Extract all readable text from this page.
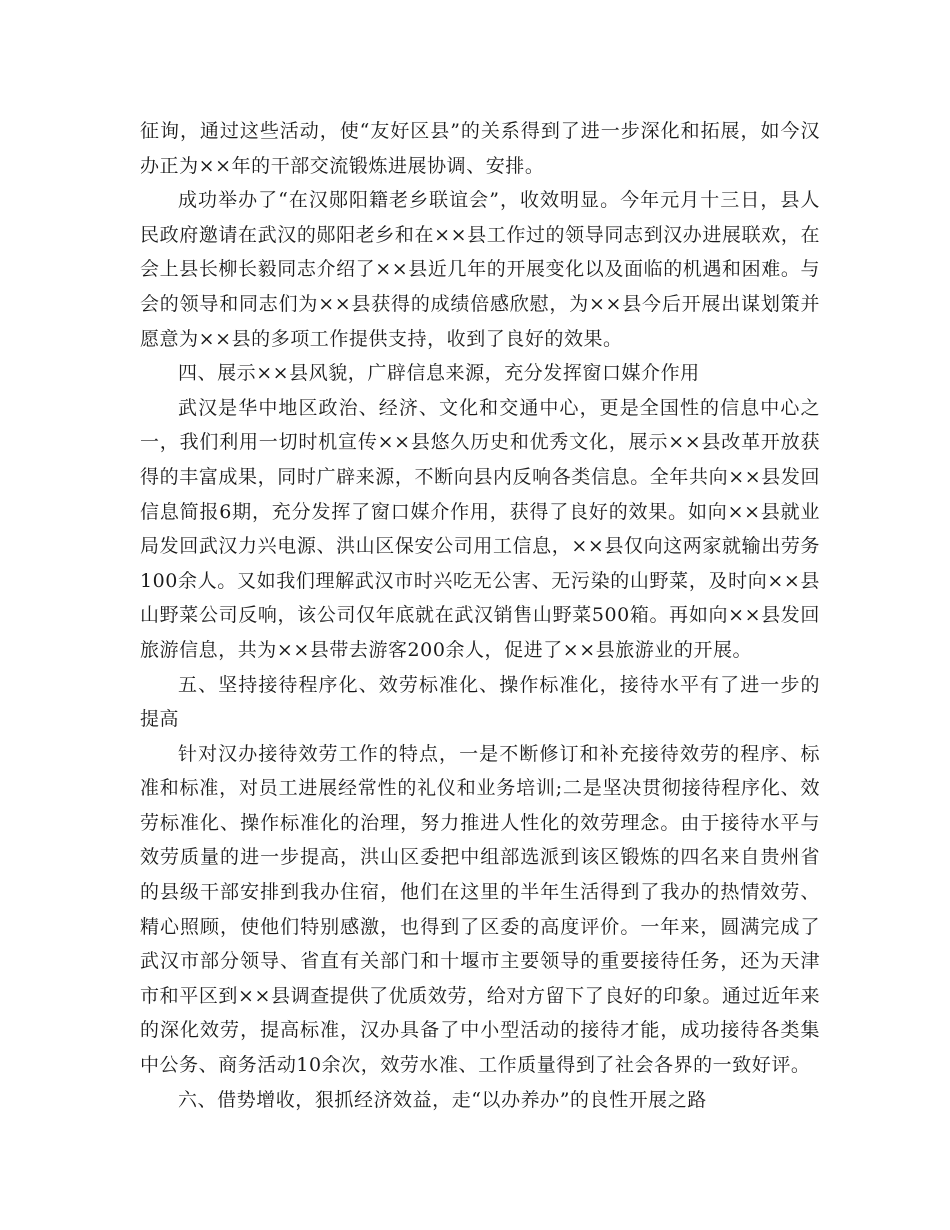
征询，通过这些活动，使“友好区县”的关系得到了进一步深化和拓展，如今汉办正为××年的干部交流锻炼进展协调、安排。

成功举办了“在汉郧阳籍老乡联谊会”，收效明显。今年元月十三日，县人民政府邀请在武汉的郧阳老乡和在××县工作过的领导同志到汉办进展联欢，在会上县长柳长毅同志介绍了××县近几年的开展变化以及面临的机遇和困难。与会的领导和同志们为××县获得的成绩倍感欣慰，为××县今后开展出谋划策并愿意为××县的多项工作提供支持，收到了良好的效果。

四、展示××县风貌，广辟信息来源，充分发挥窗口媒介作用

武汉是华中地区政治、经济、文化和交通中心，更是全国性的信息中心之一，我们利用一切时机宣传××县悠久历史和优秀文化，展示××县改革开放获得的丰富成果，同时广辟来源，不断向县内反响各类信息。全年共向××县发回信息简报6期，充分发挥了窗口媒介作用，获得了良好的效果。如向××县就业局发回武汉力兴电源、洪山区保安公司用工信息，××县仅向这两家就输出劳务100余人。又如我们理解武汉市时兴吃无公害、无污染的山野菜，及时向××县山野菜公司反响，该公司仅年底就在武汉销售山野菜500箱。再如向××县发回旅游信息，共为××县带去游客200余人，促进了××县旅游业的开展。

五、坚持接待程序化、效劳标准化、操作标准化，接待水平有了进一步的提高

针对汉办接待效劳工作的特点，一是不断修订和补充接待效劳的程序、标准和标准，对员工进展经常性的礼仪和业务培训;二是坚决贯彻接待程序化、效劳标准化、操作标准化的治理，努力推进人性化的效劳理念。由于接待水平与效劳质量的进一步提高，洪山区委把中组部选派到该区锻炼的四名来自贵州省的县级干部安排到我办住宿，他们在这里的半年生活得到了我办的热情效劳、精心照顾，使他们特别感激，也得到了区委的高度评价。一年来，圆满完成了武汉市部分领导、省直有关部门和十堰市主要领导的重要接待任务，还为天津市和平区到××县调查提供了优质效劳，给对方留下了良好的印象。通过近年来的深化效劳，提高标准，汉办具备了中小型活动的接待才能，成功接待各类集中公务、商务活动10余次，效劳水准、工作质量得到了社会各界的一致好评。

六、借势增收，狠抓经济效益，走“以办养办”的良性开展之路
